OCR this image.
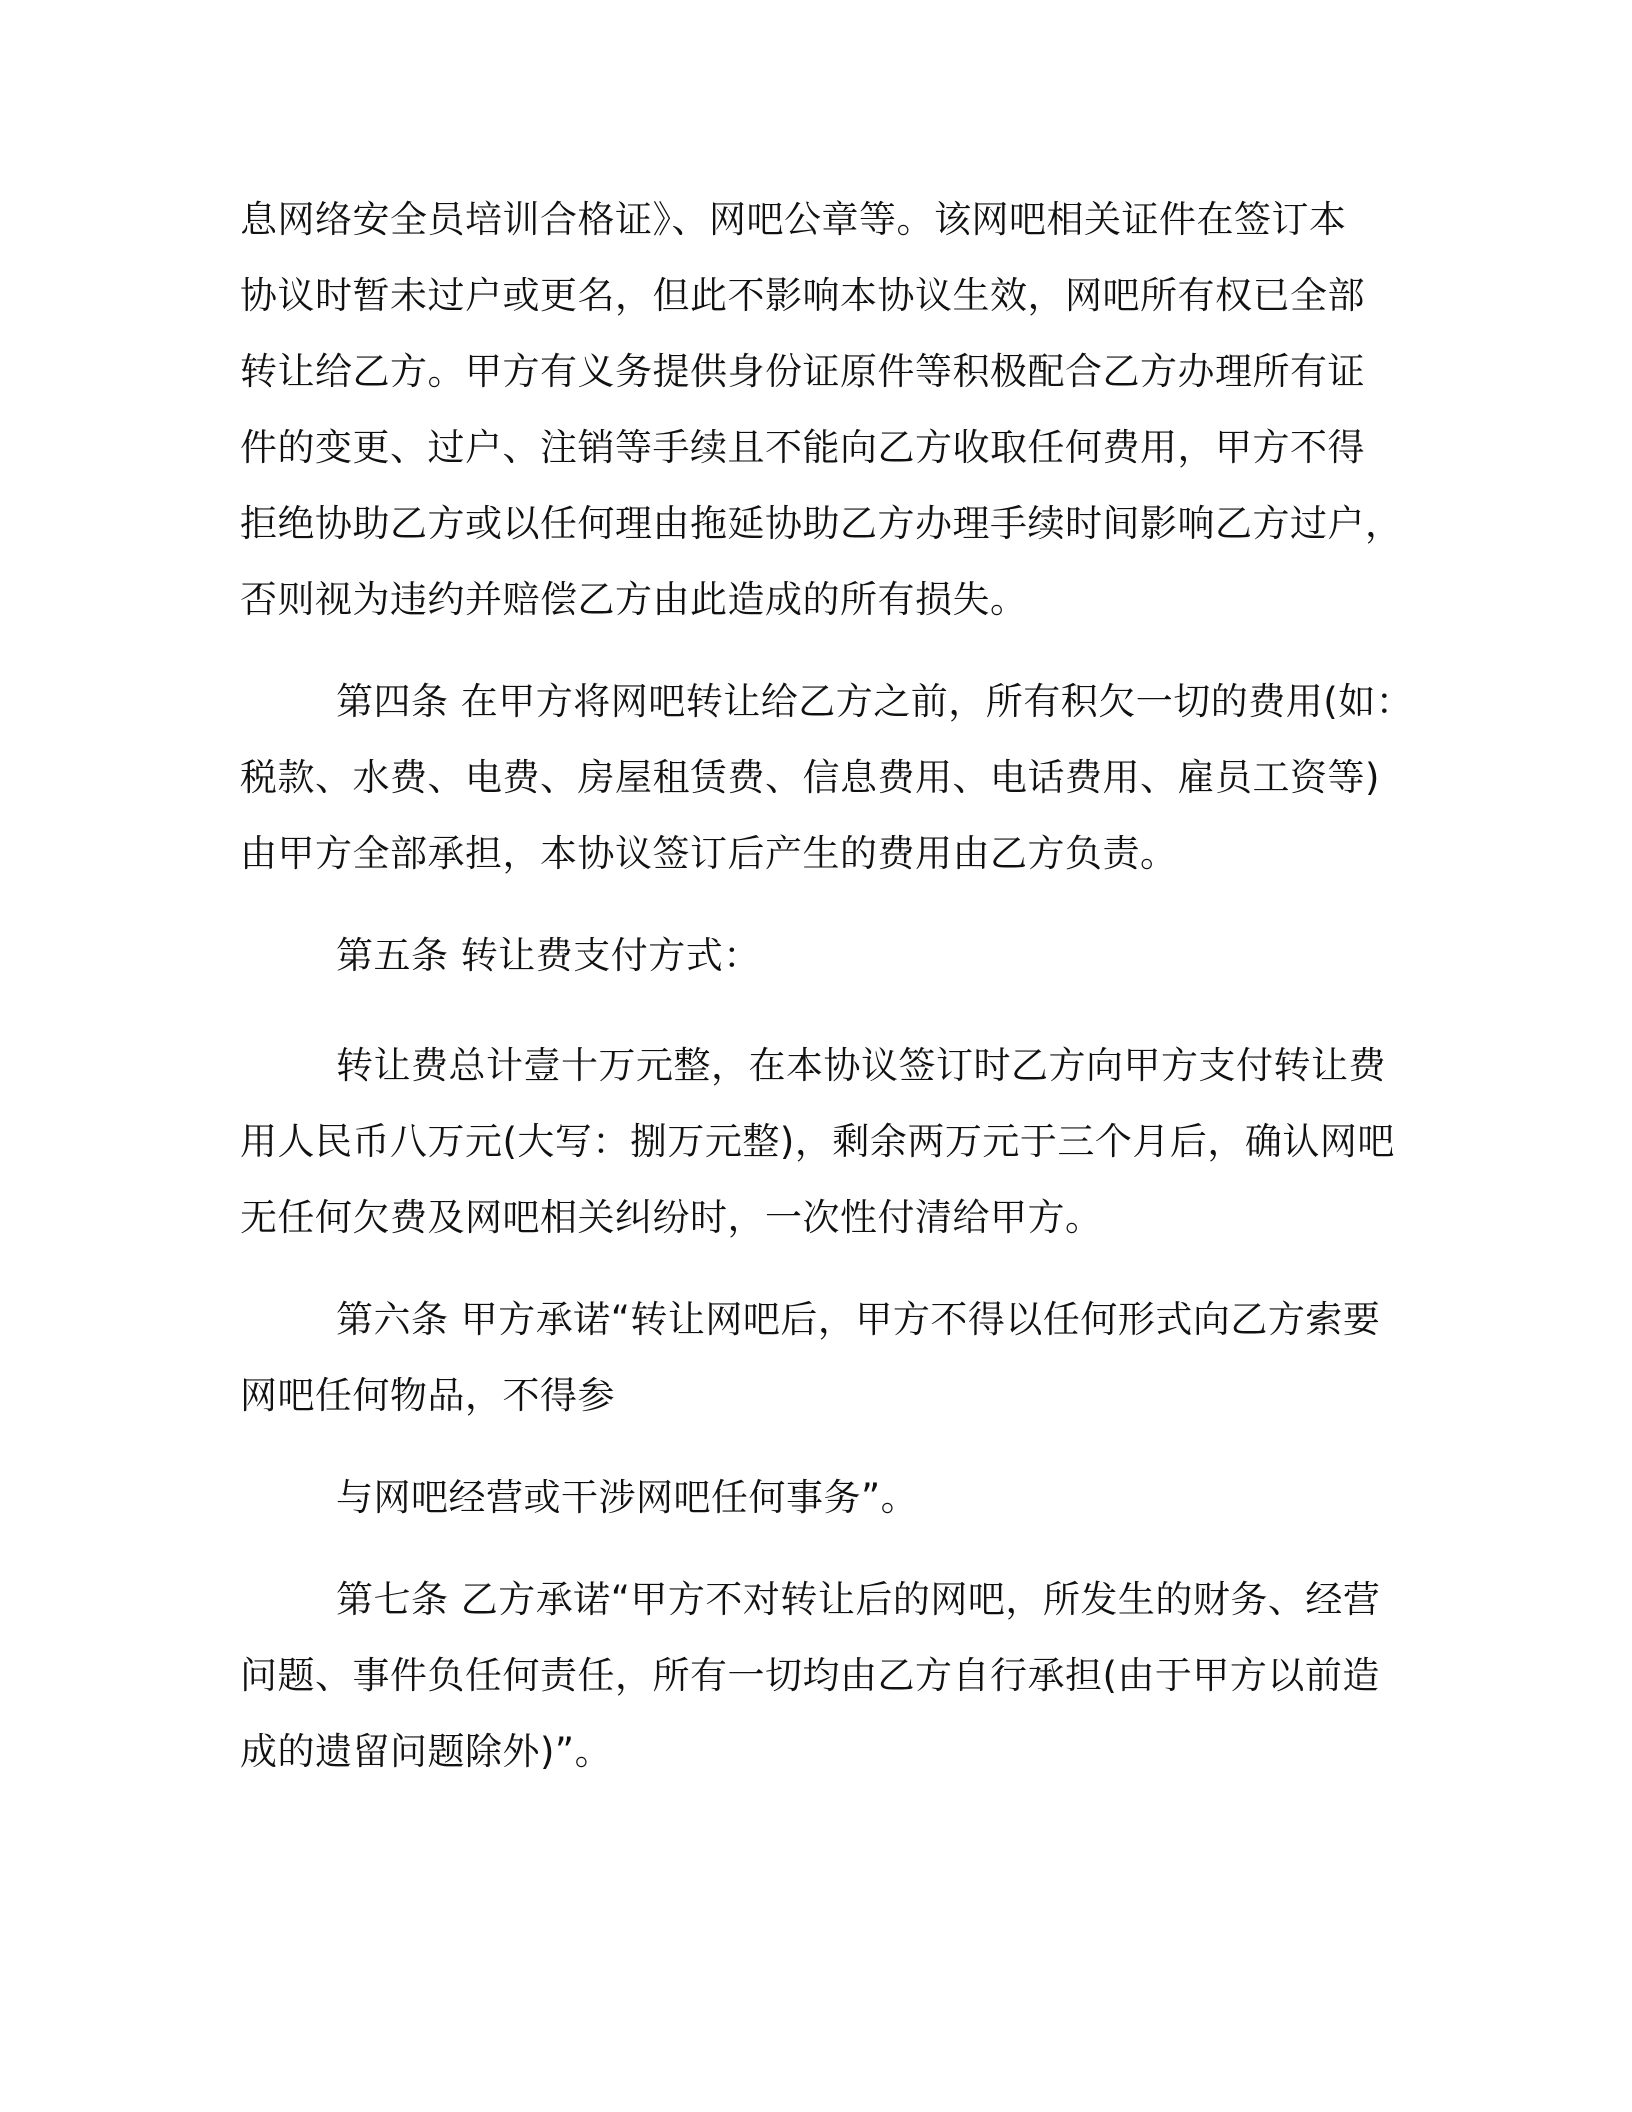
息网络安全员培训合格证》、网吧公章等。该网吧相关证件在签订本
协议时暂未过户或更名，但此不影响本协议生效，网吧所有权已全部
转让给乙方。甲方有义务提供身份证原件等积极配合乙方办理所有证
件的变更、过户、注销等手续且不能向乙方收取任何费用，甲方不得
拒绝协助乙方或以任何理由拖延协助乙方办理手续时间影响乙方过户，
否则视为违约并赔偿乙方由此造成的所有损失。
第四条 在甲方将网吧转让给乙方之前，所有积欠一切的费用(如：
税款、水费、电费、房屋租赁费、信息费用、电话费用、雇员工资等)
由甲方全部承担，本协议签订后产生的费用由乙方负责。
第五条 转让费支付方式：
转让费总计壹十万元整，在本协议签订时乙方向甲方支付转让费
用人民币八万元(大写：捌万元整)，剩余两万元于三个月后，确认网吧
无任何欠费及网吧相关纠纷时，一次性付清给甲方。
第六条 甲方承诺“转让网吧后，甲方不得以任何形式向乙方索要
网吧任何物品，不得参
与网吧经营或干涉网吧任何事务”。
第七条 乙方承诺“甲方不对转让后的网吧，所发生的财务、经营
问题、事件负任何责任，所有一切均由乙方自行承担(由于甲方以前造
成的遗留问题除外)”。
